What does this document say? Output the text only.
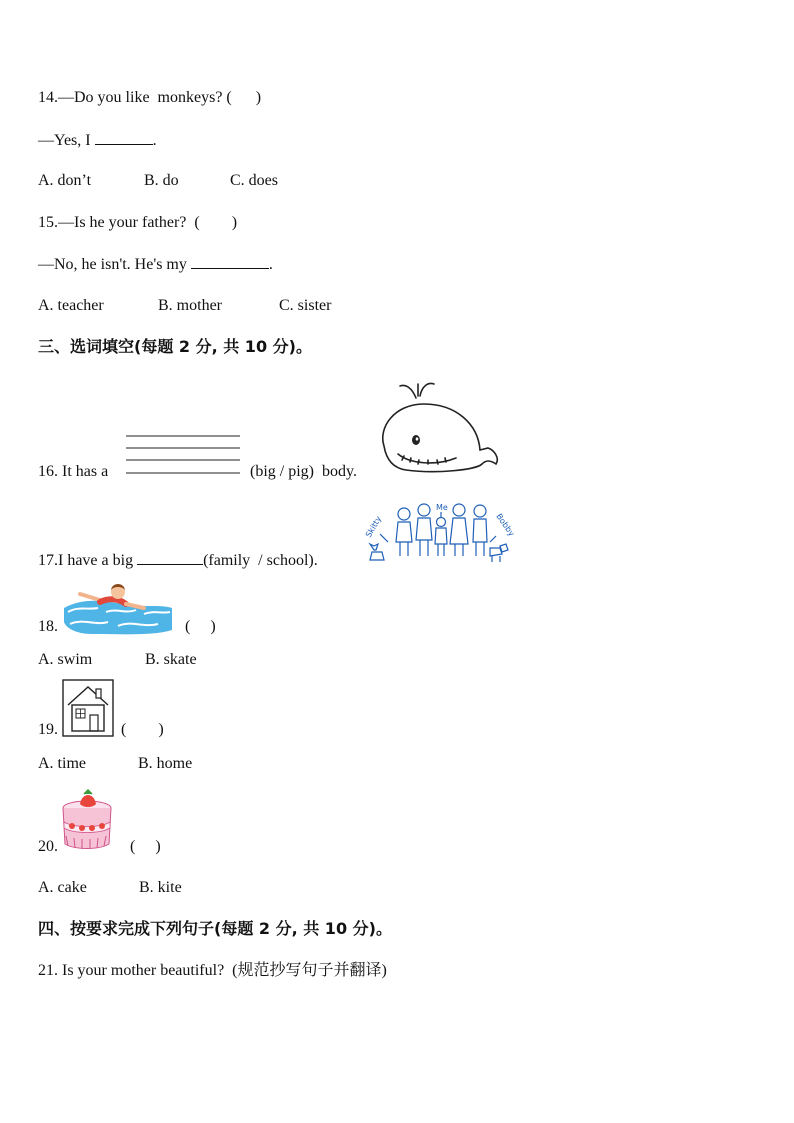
14.—Do you like  monkeys? (      )
—Yes, I	.
A. don’t	B. do	C. does
15.—Is he your father?  (        )
—No, he isn't. He's my	.
A. teacher	B. mother	C. sister
三、选词填空(每题 2 分, 共 10 分)。
16. It has a	(big / pig)  body.
17.I have a big	(family  / school).
Skitty
Me
Bobby
18.	(     )
A. swim	B. skate
19.	(        )
A. time	B. home
20.	(     )
A. cake	B. kite
四、按要求完成下列句子(每题 2 分, 共 10 分)。
21. Is your mother beautiful?  (规范抄写句子并翻译)
